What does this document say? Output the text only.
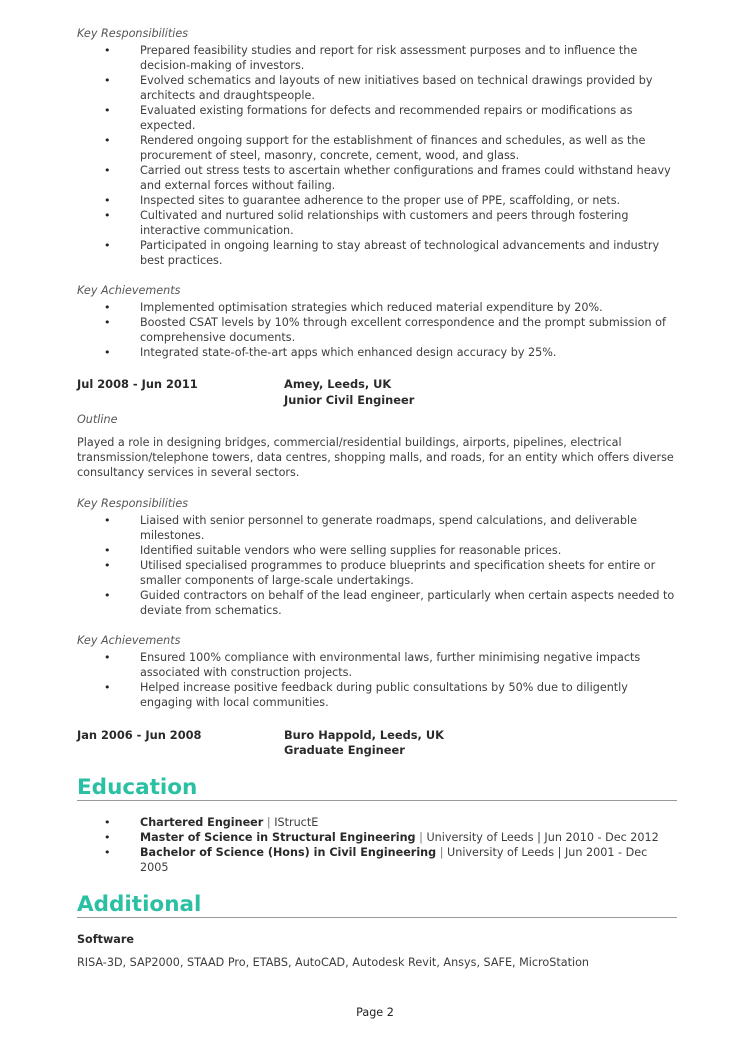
Key Responsibilities
• Prepared feasibility studies and report for risk assessment purposes and to influence the decision-making of investors.
• Evolved schematics and layouts of new initiatives based on technical drawings provided by architects and draughtspeople.
• Evaluated existing formations for defects and recommended repairs or modifications as expected.
• Rendered ongoing support for the establishment of finances and schedules, as well as the procurement of steel, masonry, concrete, cement, wood, and glass.
• Carried out stress tests to ascertain whether configurations and frames could withstand heavy and external forces without failing.
• Inspected sites to guarantee adherence to the proper use of PPE, scaffolding, or nets.
• Cultivated and nurtured solid relationships with customers and peers through fostering interactive communication.
• Participated in ongoing learning to stay abreast of technological advancements and industry best practices.
Key Achievements
• Implemented optimisation strategies which reduced material expenditure by 20%.
• Boosted CSAT levels by 10% through excellent correspondence and the prompt submission of comprehensive documents.
• Integrated state-of-the-art apps which enhanced design accuracy by 25%.
Jul 2008 - Jun 2011	Amey, Leeds, UK
Junior Civil Engineer
Outline
Played a role in designing bridges, commercial/residential buildings, airports, pipelines, electrical transmission/telephone towers, data centres, shopping malls, and roads, for an entity which offers diverse consultancy services in several sectors.
Key Responsibilities
• Liaised with senior personnel to generate roadmaps, spend calculations, and deliverable milestones.
• Identified suitable vendors who were selling supplies for reasonable prices.
• Utilised specialised programmes to produce blueprints and specification sheets for entire or smaller components of large-scale undertakings.
• Guided contractors on behalf of the lead engineer, particularly when certain aspects needed to deviate from schematics.
Key Achievements
• Ensured 100% compliance with environmental laws, further minimising negative impacts associated with construction projects.
• Helped increase positive feedback during public consultations by 50% due to diligently engaging with local communities.
Jan 2006 - Jun 2008	Buro Happold, Leeds, UK
Graduate Engineer
Education
• Chartered Engineer | IStructE
• Master of Science in Structural Engineering | University of Leeds | Jun 2010 - Dec 2012
• Bachelor of Science (Hons) in Civil Engineering | University of Leeds | Jun 2001 - Dec 2005
Additional
Software
RISA-3D, SAP2000, STAAD Pro, ETABS, AutoCAD, Autodesk Revit, Ansys, SAFE, MicroStation
Page 2
